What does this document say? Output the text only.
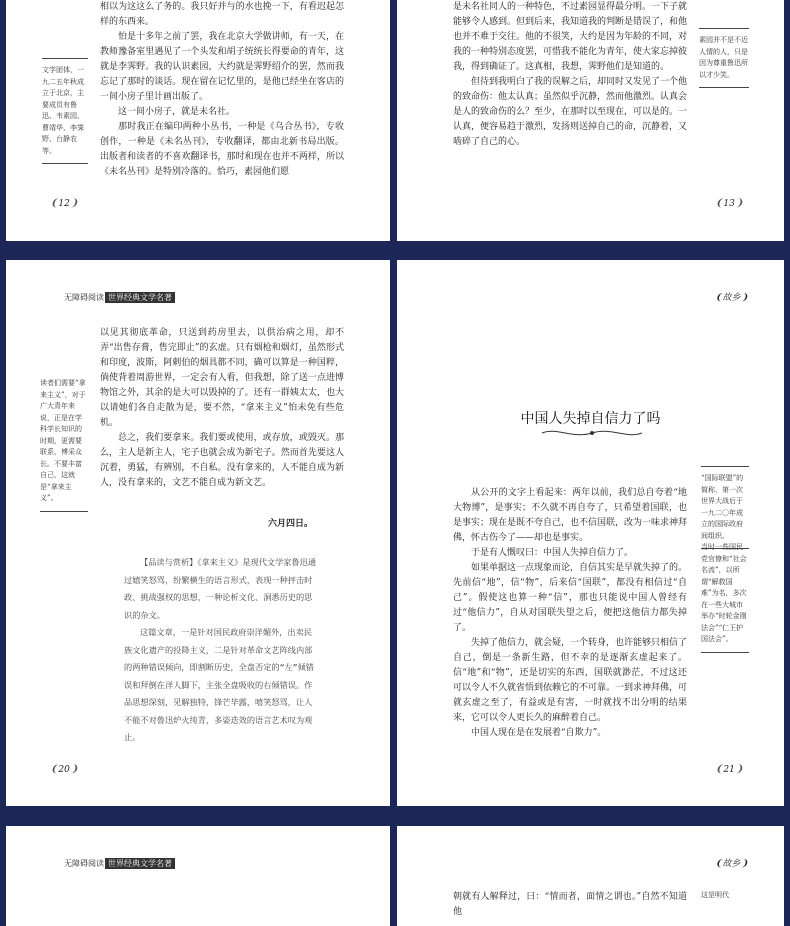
文学团体，一九二五年秋成立于北京，主要成员有鲁迅、韦素园、曹靖华、李霁野、台静农等。

相以为这这么了务的。我只好并与的水也挽一下，有看迟起怎样的东西来。

怕是十多年之前了罢，我在北京大学做讲师，有一天，在教师豫备室里遇见了一个头发和胡子统统长得要命的青年，这就是李霁野。我的认识素园，大约就是霁野绍介的罢，然而我忘记了那时的谈话。现在留在记忆里的，是他已经坐在客店的一间小房子里计画出版了。

这一间小房子，就是未名社。

那时我正在编印两种小丛书，一种是《乌合丛书》，专收创作，一种是《未名丛刊》，专收翻译，都由北新书局出版。出版者和读者的不喜欢翻译书，那时和现在也并不两样，所以《未名丛刊》是特别冷落的。恰巧，素园他们愿

❨12❩

是未名社同人的一种特色，不过素园显得最分明。一下子就能够令人感到。但到后来，我知道我的判断是错误了，和他也并不难于交往。他的不很笑，大约是因为年龄的不同，对我的一种特别态度罢，可惜我不能化为青年，使大家忘掉彼我，得到确证了。这真相，我想，霁野他们是知道的。

但待到我明白了我的误解之后，却同时又发见了一个他的致命伤：他太认真；虽然似乎沉静，然而他激烈。认真会是人的致命伤的么？至少，在那时以至现在，可以是的。一认真，便容易趋于激烈，发扬则送掉自己的命，沉静着，又啮碎了自己的心。

素园并不是不近人情的人，只是因为尊重鲁迅所以才少笑。
❨13❩
无障碍阅读 世界经典文学名著
读者们需要“拿来主义”，对于广大青年来说，正是在学科学长知识的时期，更需要联系，博采众长。不要丰富自己，这就是“拿来主义”。

以见其彻底革命，只送到药房里去，以供治病之用，却不弄“出售存膏，售完即止”的玄虚。只有烟枪和烟灯，虽然形式和印度，波斯，阿剌伯的烟具都不同，确可以算是一种国粹，倘使背着周游世界，一定会有人看，但我想，除了送一点进博物馆之外，其余的是大可以毁掉的了。还有一群姨太太，也大以请她们各自走散为是，要不然，“拿来主义”怕未免有些危机。

总之，我们要拿来。我们要或使用，或存放，或毁灭。那么，主人是新主人，宅子也就会成为新宅子。然而首先要这人沉着，勇猛，有辨别，不自私。没有拿来的，人不能自成为新人，没有拿来的，文艺不能自成为新文艺。

六月四日。

【品读与赏析】《拿来主义》是现代文学家鲁迅通过嬉笑怒骂，纷繁横生的语言形式，表现一种抨击时政、挑战强权的思想，一种论析文化、洞悉历史的思识的杂文。

这篇文章，一是针对国民政府崇洋媚外，出卖民族文化遗产的投降主义，二是针对革命文艺阵线内部的两种错误倾向，即割断历史，全盘否定的“左”倾错误和拜倒在洋人脚下，主张全盘吸收的右倾错误。作品思想深刻，见解独特，锋芒毕露，嘻笑怒骂，让人不能不对鲁迅炉火纯青，多姿迭效的语言艺术叹为观止。

❨20❩
❨故乡❩
中国人失掉自信力了吗

从公开的文字上看起来：两年以前，我们总自夸着“地大物博”，是事实；不久就不再自夸了，只希望着国联，也是事实；现在是既不夸自己，也不信国联，改为一味求神拜佛，怀古伤今了——却也是事实。

于是有人慨叹曰：中国人失掉自信力了。

如果单据这一点现象而论，自信其实是早就失掉了的。先前信“地”，信“物”，后来信“国联”，都没有相信过“自己”。假使这也算一种“信”，那也只能说中国人曾经有过“他信力”，自从对国联失望之后，便把这他信力都失掉了。

失掉了他信力，就会疑，一个转身，也许能够只相信了自己，倒是一条新生路，但不幸的是逐渐玄虚起来了。信“地”和“物”，还是切实的东西，国联就渺茫，不过这还可以令人不久就省悟到依赖它的不可靠。一到求神拜佛，可就玄虚之至了，有益或是有害，一时就找不出分明的结果来，它可以令人更长久的麻醉着自己。

中国人现在是在发展着“自欺力”。

“国际联盟”的简称，第一次世界大战后于一九二〇年成立的国际政府间组织。
当时一些国民党官僚和“社会名流”，以所谓“解救国难”为名，多次在一些大城市举办“时轮金刚法会”“仁王护国法会”。
❨21❩
无障碍阅读 世界经典文学名著	❨故乡❩

朝就有人解释过，曰：“情而者，面情之谓也。”自然不知道他

这是明代
